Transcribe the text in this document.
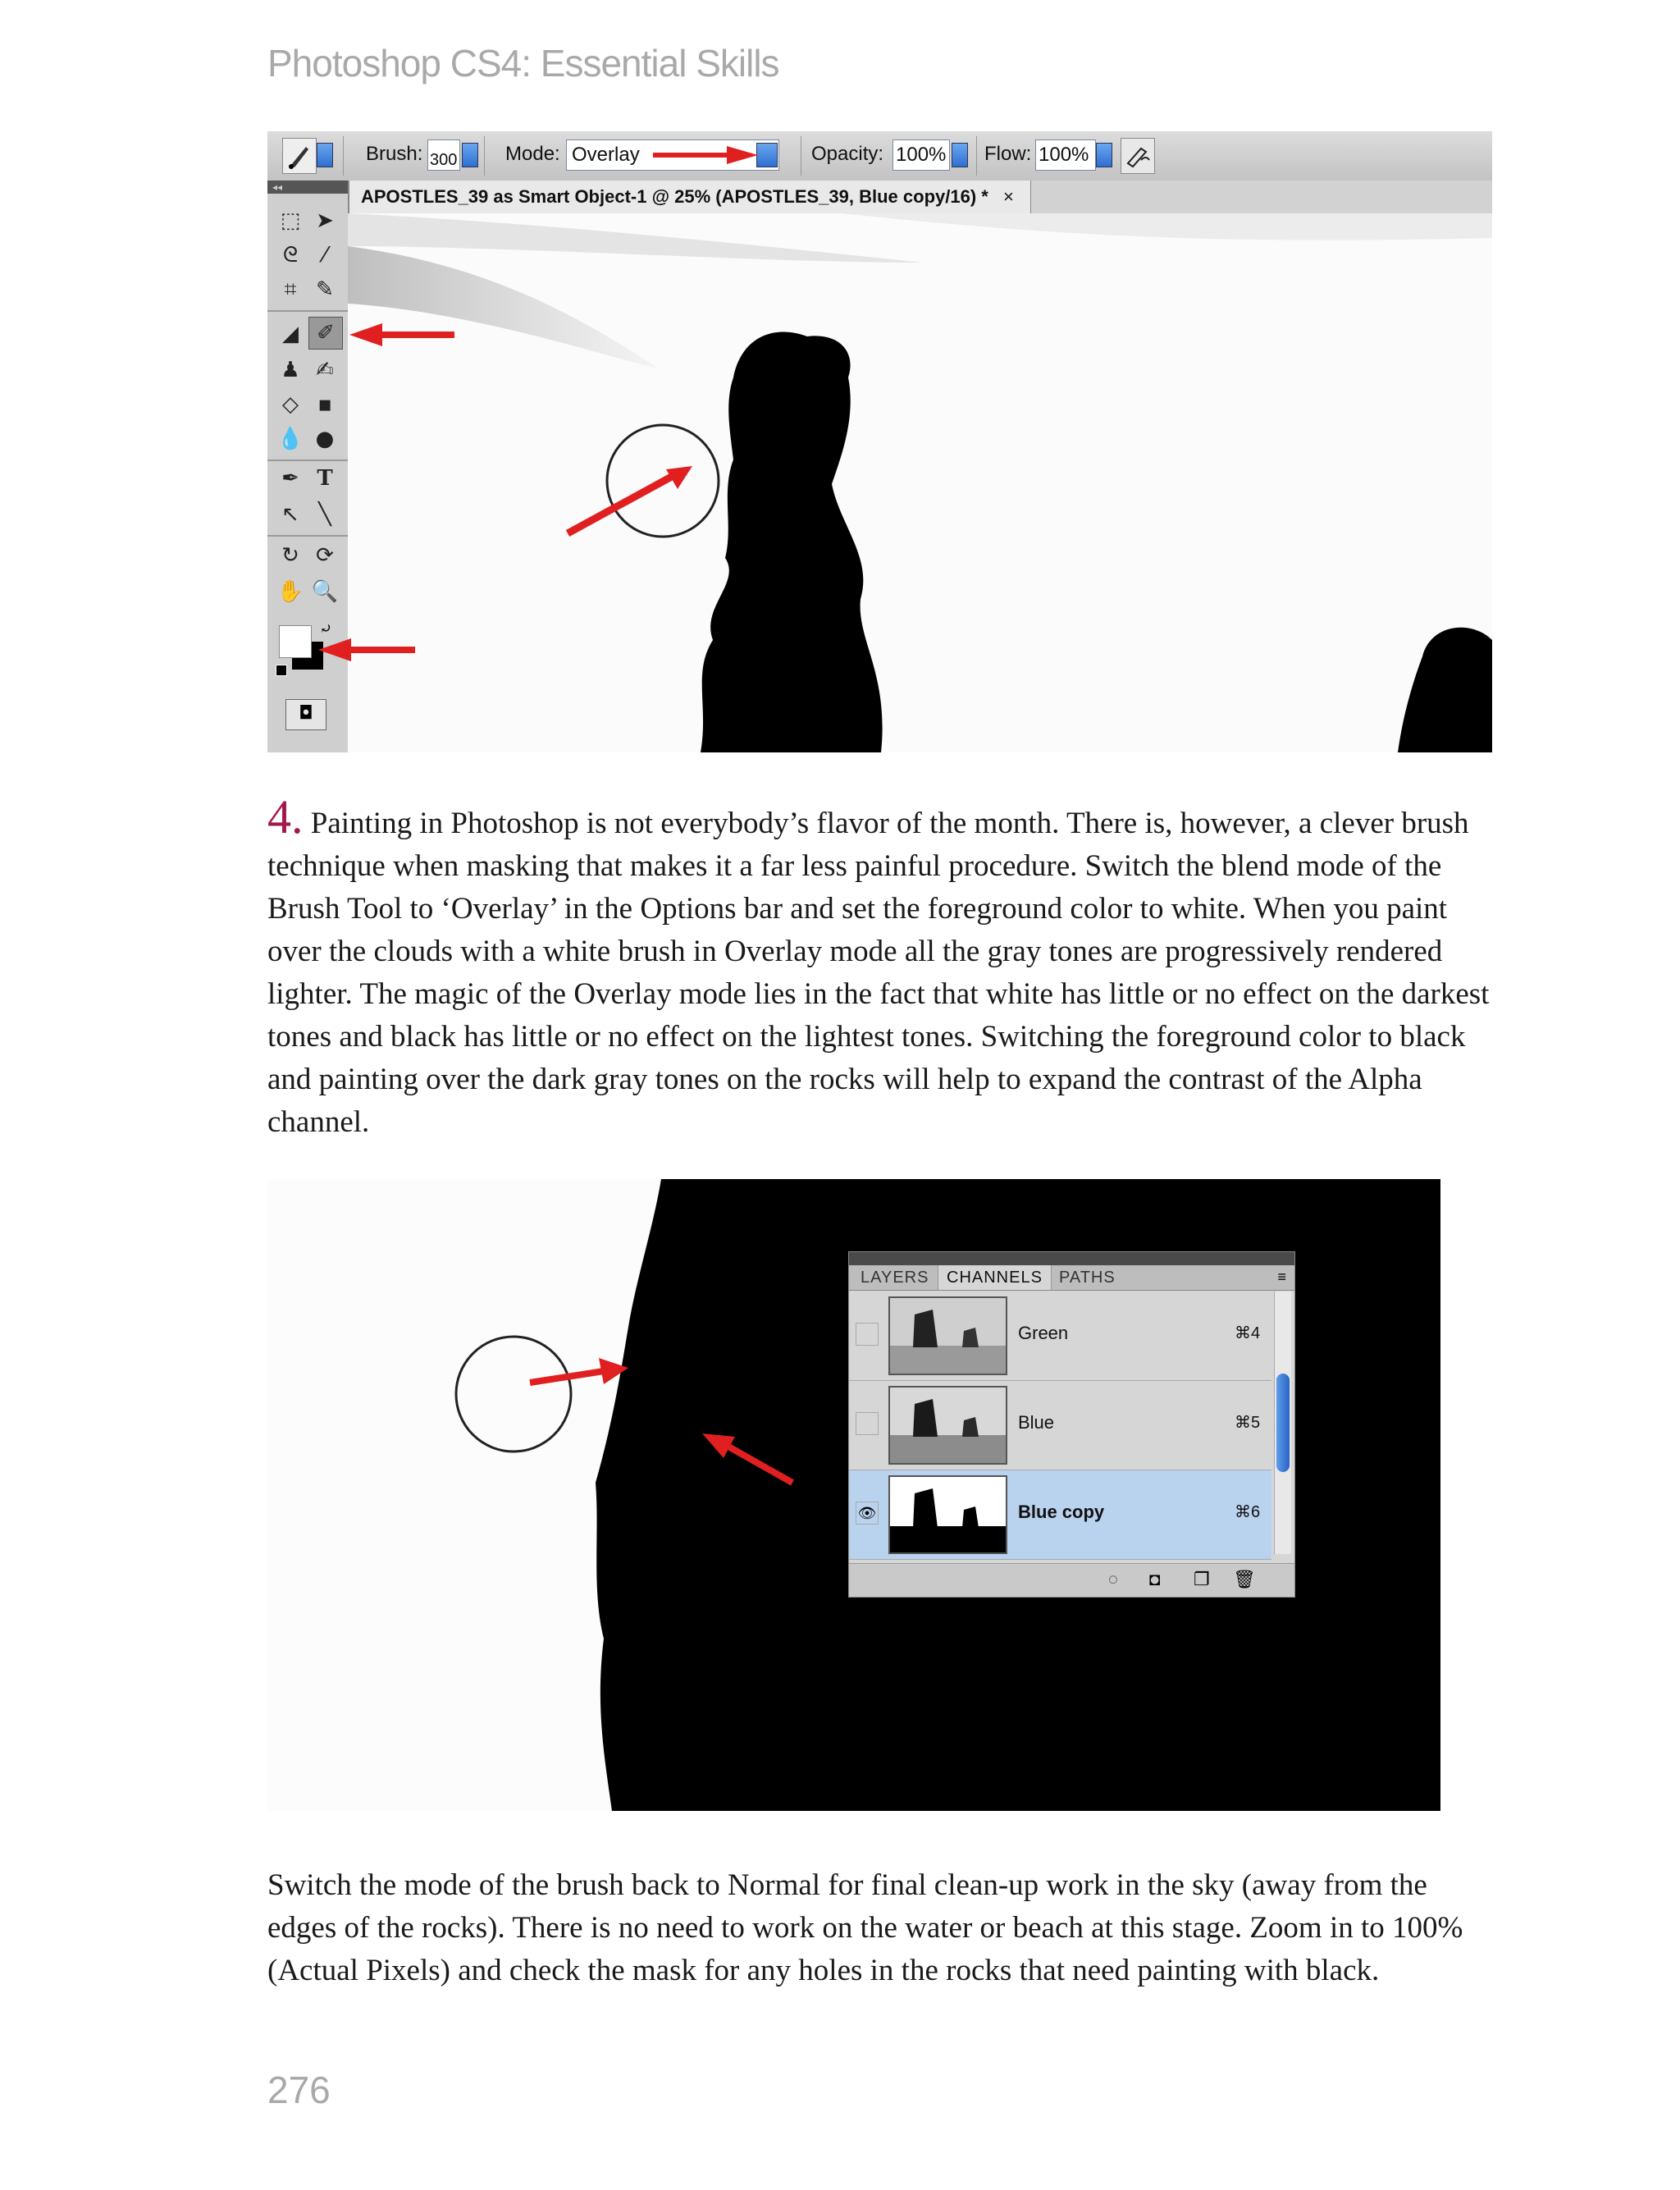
Photoshop CS4: Essential Skills
Brush: 300 Mode: Overlay	Opacity: 100% Flow: 100%
APOSTLES_39 as Smart Object-1 @ 25% (APOSTLES_39, Blue copy/16) * ×
◂◂
⬚ ➤
ᘓ	⁄
⌗ ✎
◢ ✐
♟ ✍
◇ ▪
💧 ●
✒ T
↖ ╲
↻ ⟳
✋ 🔍
⤾
◘

4. Painting in Photoshop is not everybody’s flavor of the month. There is, however, a clever brush technique when masking that makes it a far less painful procedure. Switch the blend mode of the Brush Tool to ‘Overlay’ in the Options bar and set the foreground color to white. When you paint over the clouds with a white brush in Overlay mode all the gray tones are progressively rendered lighter. The magic of the Overlay mode lies in the fact that white has little or no effect on the darkest tones and black has little or no effect on the lightest tones. Switching the foreground color to black and painting over the dark gray tones on the rocks will help to expand the contrast of the Alpha channel.

LAYERS	CHANNELS	PATHS	≡
Green	⌘4
Blue	⌘5
👁	Blue copy	⌘6
◌ ◘ ❐ 🗑

Switch the mode of the brush back to Normal for final clean-up work in the sky (away from the edges of the rocks). There is no need to work on the water or beach at this stage. Zoom in to 100% (Actual Pixels) and check the mask for any holes in the rocks that need painting with black.

276
